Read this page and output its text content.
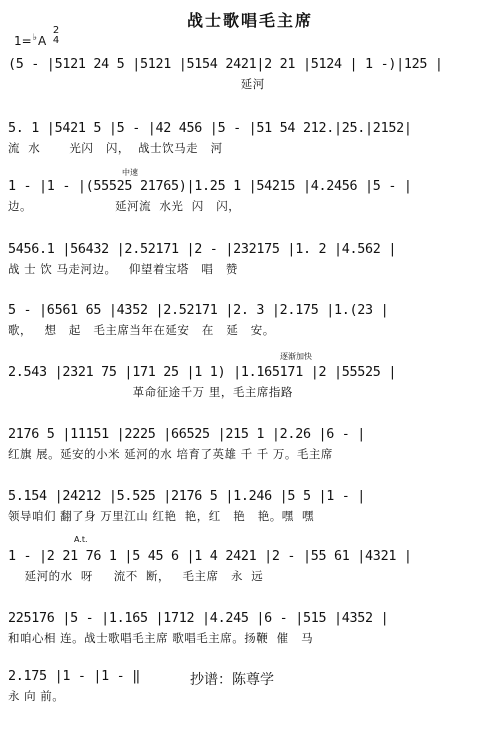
战士歌唱毛主席
1=♭A
2
4
(5 - |5121 24 5 |5121 |5154 2421|2 21 |5124 | 1 -)|125 |
延河
5. 1 |5421 5 |5 - |42 456 |5 - |51 54 212.|25.|2152|
流  水       光闪   闪，  战士饮马走   河
中速
1 - |1 - |(55525 21765)|1.25 1 |54215 |4.2456 |5 - |
边。                    延河流  水光  闪   闪，
5456.1 |56432 |2.52171 |2 - |232175 |1. 2 |4.562 |
战 士 饮 马走河边。   仰望着宝塔   唱   赞
5 - |6561 65 |4352 |2.52171 |2. 3 |2.175 |1.(23 |
歌，   想   起   毛主席当年在延安   在   延   安。
逐渐加快
2.543 |2321 75 |171 25 |1 1) |1.165171 |2 |55525 |
革命征途千万 里，毛主席指路
2176 5 |11151 |2225 |66525 |215 1 |2.26 |6 - |
红旗 展。延安的小米 延河的水 培育了英雄 千 千 万。毛主席
5.154 |24212 |5.525 |2176 5 |1.246 |5 5 |1 - |
领导咱们 翻了身 万里江山 红艳  艳，红   艳   艳。嘿  嘿
A.t.
1 - |2 21 76 1 |5 45 6 |1 4 2421 |2 - |55 61 |4321 |
延河的水  呀     流不  断，   毛主席   永  远
225176 |5 - |1.165 |1712 |4.245 |6 - |515 |4352 |
和咱心相 连。战士歌唱毛主席 歌唱毛主席。扬鞭  催   马
2.175 |1 - |1 - ‖
永 向 前。
抄谱：陈尊学
